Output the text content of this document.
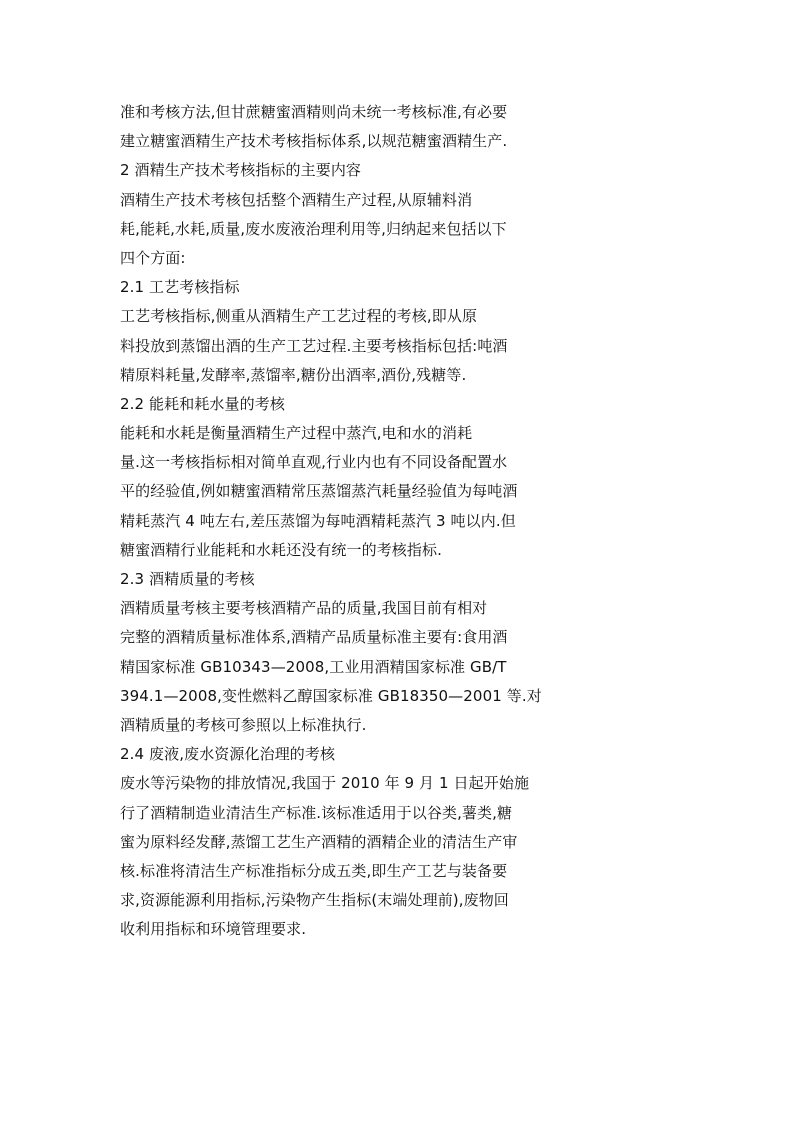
准和考核方法,但甘蔗糖蜜酒精则尚未统一考核标准,有必要
建立糖蜜酒精生产技术考核指标体系,以规范糖蜜酒精生产.
2 酒精生产技术考核指标的主要内容
酒精生产技术考核包括整个酒精生产过程,从原辅料消
耗,能耗,水耗,质量,废水废液治理利用等,归纳起来包括以下
四个方面:
2.1 工艺考核指标
工艺考核指标,侧重从酒精生产工艺过程的考核,即从原
料投放到蒸馏出酒的生产工艺过程.主要考核指标包括:吨酒
精原料耗量,发酵率,蒸馏率,糖份出酒率,酒份,残糖等.
2.2 能耗和耗水量的考核
能耗和水耗是衡量酒精生产过程中蒸汽,电和水的消耗
量.这一考核指标相对简单直观,行业内也有不同设备配置水
平的经验值,例如糖蜜酒精常压蒸馏蒸汽耗量经验值为每吨酒
精耗蒸汽 4 吨左右,差压蒸馏为每吨酒精耗蒸汽 3 吨以内.但
糖蜜酒精行业能耗和水耗还没有统一的考核指标.
2.3 酒精质量的考核
酒精质量考核主要考核酒精产品的质量,我国目前有相对
完整的酒精质量标准体系,酒精产品质量标准主要有:食用酒
精国家标准 GB10343—2008,工业用酒精国家标准 GB/T
394.1—2008,变性燃料乙醇国家标准 GB18350—2001 等.对
酒精质量的考核可参照以上标准执行.
2.4 废液,废水资源化治理的考核
废水等污染物的排放情况,我国于 2010 年 9 月 1 日起开始施
行了酒精制造业清洁生产标准.该标准适用于以谷类,薯类,糖
蜜为原料经发酵,蒸馏工艺生产酒精的酒精企业的清洁生产审
核.标准将清洁生产标准指标分成五类,即生产工艺与装备要
求,资源能源利用指标,污染物产生指标(末端处理前),废物回
收利用指标和环境管理要求.
